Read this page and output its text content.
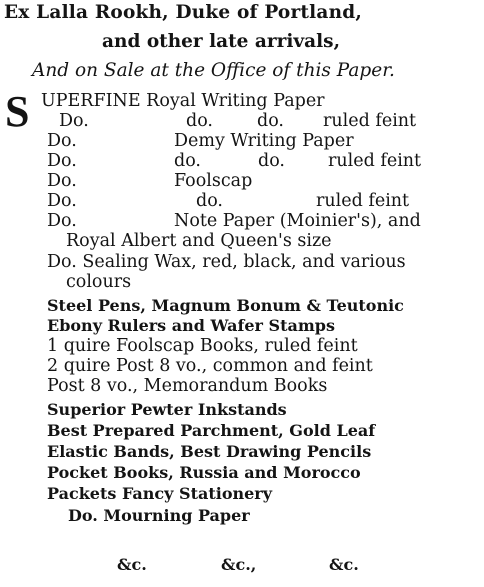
Ex Lalla Rookh, Duke of Portland,
and other late arrivals,
And on Sale at the Office of this Paper.
S UPERFINE Royal Writing Paper
Do.	do.	do. ruled feint
Do.	Demy Writing Paper
Do.	do.	do. ruled feint
Do.	Foolscap
Do.	do.	ruled feint
Do.	Note Paper (Moinier's), and
Royal Albert and Queen's size
Do. Sealing Wax, red, black, and various
colours
Steel Pens, Magnum Bonum & Teutonic
Ebony Rulers and Wafer Stamps
1 quire Foolscap Books, ruled feint
2 quire Post 8 vo., common and feint
Post 8 vo., Memorandum Books
Superior Pewter Inkstands
Best Prepared Parchment, Gold Leaf
Elastic Bands, Best Drawing Pencils
Pocket Books, Russia and Morocco
Packets Fancy Stationery
Do. Mourning Paper
&c.	&c.,	&c.
